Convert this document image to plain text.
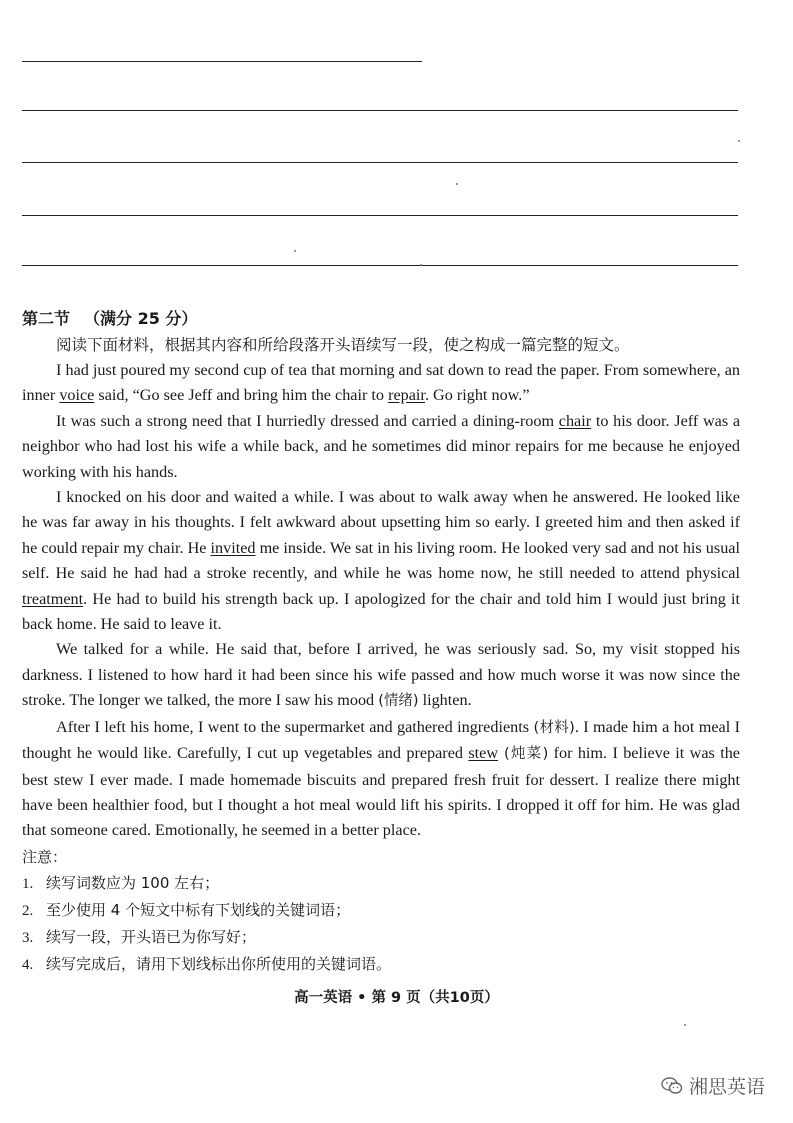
第二节 （满分 25 分）

阅读下面材料，根据其内容和所给段落开头语续写一段，使之构成一篇完整的短文。

I had just poured my second cup of tea that morning and sat down to read the paper. From somewhere, an inner voice said, “Go see Jeff and bring him the chair to repair. Go right now.”

It was such a strong need that I hurriedly dressed and carried a dining-room chair to his door. Jeff was a neighbor who had lost his wife a while back, and he sometimes did minor repairs for me because he enjoyed working with his hands.

I knocked on his door and waited a while. I was about to walk away when he answered. He looked like he was far away in his thoughts. I felt awkward about upsetting him so early. I greeted him and then asked if he could repair my chair. He invited me inside. We sat in his living room. He looked very sad and not his usual self. He said he had had a stroke recently, and while he was home now, he still needed to attend physical treatment. He had to build his strength back up. I apologized for the chair and told him I would just bring it back home. He said to leave it.

We talked for a while. He said that, before I arrived, he was seriously sad. So, my visit stopped his darkness. I listened to how hard it had been since his wife passed and how much worse it was now since the stroke. The longer we talked, the more I saw his mood (情绪) lighten.

After I left his home, I went to the supermarket and gathered ingredients (材料). I made him a hot meal I thought he would like. Carefully, I cut up vegetables and prepared stew (炖菜) for him. I believe it was the best stew I ever made. I made homemade biscuits and prepared fresh fruit for dessert. I realize there might have been healthier food, but I thought a hot meal would lift his spirits. I dropped it off for him. He was glad that someone cared. Emotionally, he seemed in a better place.

注意：
1. 续写词数应为 100 左右；
2. 至少使用 4 个短文中标有下划线的关键词语；
3. 续写一段，开头语已为你写好；
4. 续写完成后，请用下划线标出你所使用的关键词语。
高一英语 • 第 9 页（共10页）
湘思英语
